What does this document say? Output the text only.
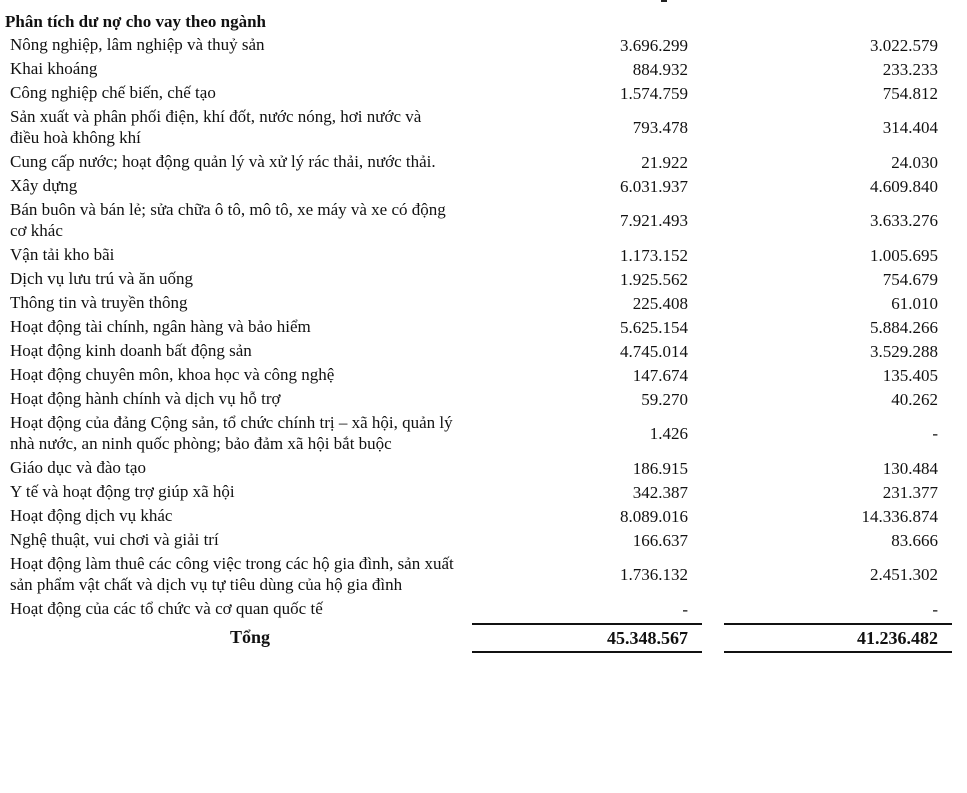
Phân tích dư nợ cho vay theo ngành				
Nông nghiệp, lâm nghiệp và thuỷ sản	3.696.299		3.022.579	
Khai khoáng	884.932		233.233	
Công nghiệp chế biến, chế tạo	1.574.759		754.812	
Sản xuất và phân phối điện, khí đốt, nước nóng, hơi nước và điều hoà không khí	793.478		314.404	
Cung cấp nước; hoạt động quản lý và xử lý rác thải, nước thải.	21.922		24.030	
Xây dựng	6.031.937		4.609.840	
Bán buôn và bán lẻ; sửa chữa ô tô, mô tô, xe máy và xe có động cơ khác	7.921.493		3.633.276	
Vận tải kho bãi	1.173.152		1.005.695	
Dịch vụ lưu trú và ăn uống	1.925.562		754.679	
Thông tin và truyền thông	225.408		61.010	
Hoạt động tài chính, ngân hàng và bảo hiểm	5.625.154		5.884.266	
Hoạt động kinh doanh bất động sản	4.745.014		3.529.288	
Hoạt động chuyên môn, khoa học và công nghệ	147.674		135.405	
Hoạt động hành chính và dịch vụ hỗ trợ	59.270		40.262	
Hoạt động của đảng Cộng sản, tổ chức chính trị – xã hội, quản lý nhà nước, an ninh quốc phòng; bảo đảm xã hội bắt buộc	1.426		-	
Giáo dục và đào tạo	186.915		130.484	
Y tế và hoạt động trợ giúp xã hội	342.387		231.377	
Hoạt động dịch vụ khác	8.089.016		14.336.874	
Nghệ thuật, vui chơi và giải trí	166.637		83.666	
Hoạt động làm thuê các công việc trong các hộ gia đình, sản xuất sản phẩm vật chất và dịch vụ tự tiêu dùng của hộ gia đình	1.736.132		2.451.302	
Hoạt động của các tổ chức và cơ quan quốc tế	-		-	
Tổng	45.348.567		41.236.482	
